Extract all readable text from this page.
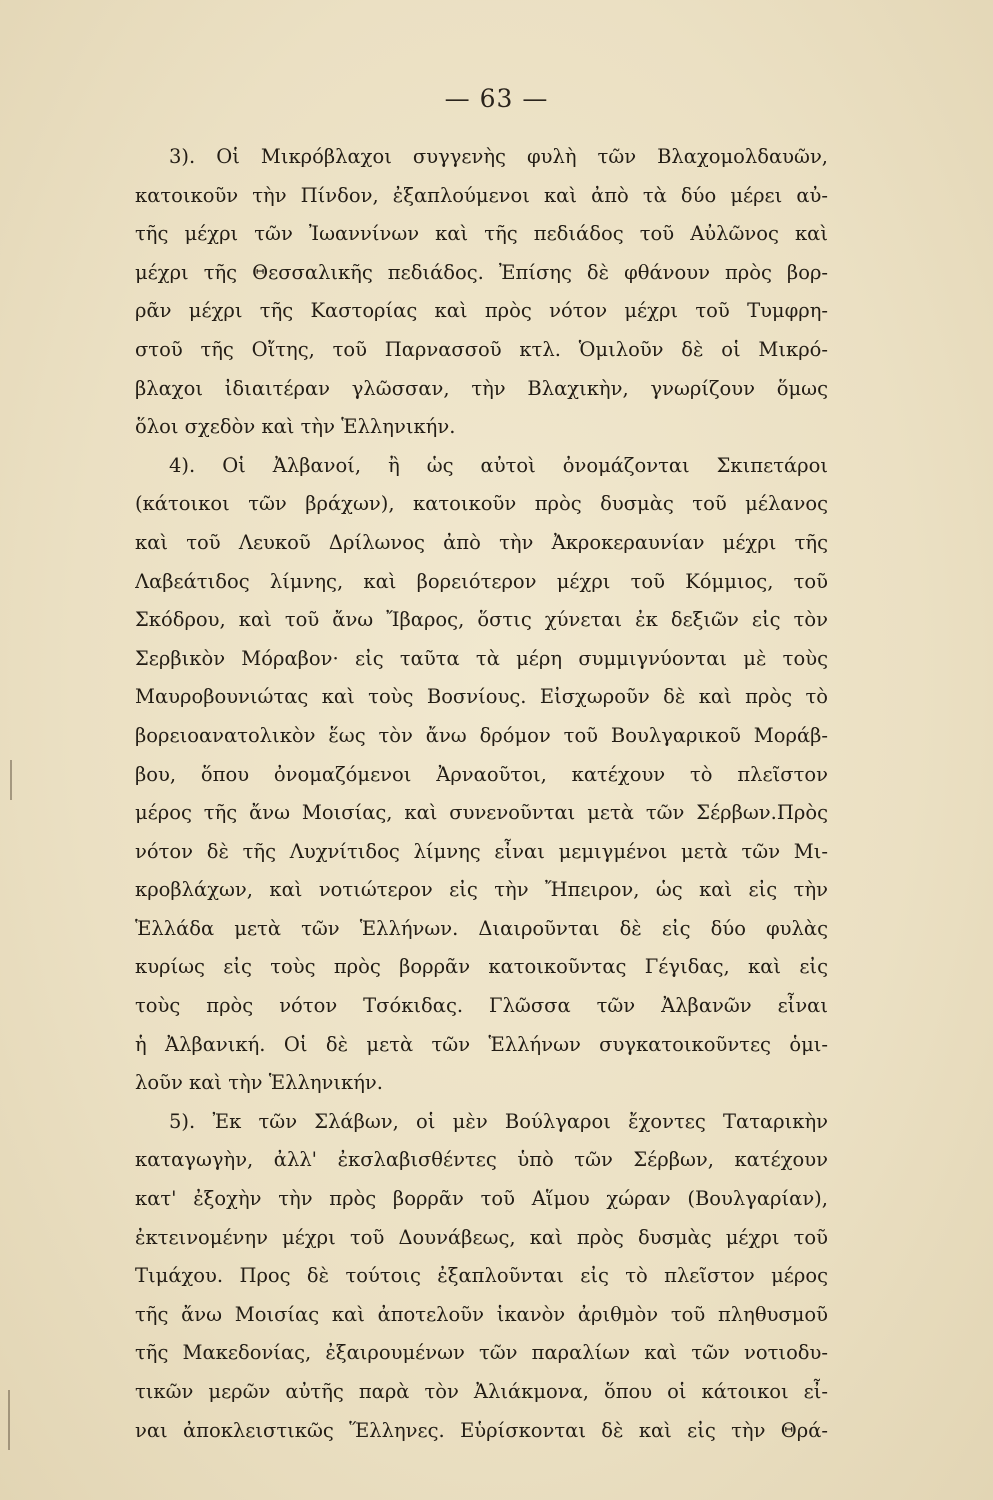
— 63 —
3). Οἱ Μικρόβλαχοι συγγενὴς φυλὴ τῶν Βλαχομολδαυῶν,
κατοικοῦν τὴν Πίνδον, ἐξαπλούμενοι καὶ ἀπὸ τὰ δύο μέρει αὐ-
τῆς μέχρι τῶν Ἰωαννίνων καὶ τῆς πεδιάδος τοῦ Αὐλῶνος καὶ
μέχρι τῆς Θεσσαλικῆς πεδιάδος. Ἐπίσης δὲ φθάνουν πρὸς βορ-
ρᾶν μέχρι τῆς Καστορίας καὶ πρὸς νότον μέχρι τοῦ Τυμφρη-
στοῦ τῆς Οἴτης, τοῦ Παρνασσοῦ κτλ. Ὁμιλοῦν δὲ οἱ Μικρό-
βλαχοι ἰδιαιτέραν γλῶσσαν, τὴν Βλαχικὴν, γνωρίζουν ὅμως
ὅλοι σχεδὸν καὶ τὴν Ἑλληνικήν.
4). Οἱ Ἀλβανοί, ἢ ὡς αὐτοὶ ὀνομάζονται Σκιπετάροι
(κάτοικοι τῶν βράχων), κατοικοῦν πρὸς δυσμὰς τοῦ μέλανος
καὶ τοῦ Λευκοῦ Δρίλωνος ἀπὸ τὴν Ἀκροκεραυνίαν μέχρι τῆς
Λαβεάτιδος λίμνης, καὶ βορειότερον μέχρι τοῦ Κόμμιος, τοῦ
Σκόδρου, καὶ τοῦ ἄνω Ἴβαρος, ὅστις χύνεται ἐκ δεξιῶν εἰς τὸν
Σερβικὸν Μόραβον· εἰς ταῦτα τὰ μέρη συμμιγνύονται μὲ τοὺς
Μαυροβουνιώτας καὶ τοὺς Βοσνίους. Εἰσχωροῦν δὲ καὶ πρὸς τὸ
βορειοανατολικὸν ἕως τὸν ἄνω δρόμον τοῦ Βουλγαρικοῦ Μοράβ-
βου, ὅπου ὀνομαζόμενοι Ἀρναοῦτοι, κατέχουν τὸ πλεῖστον
μέρος τῆς ἄνω Μοισίας, καὶ συνενοῦνται μετὰ τῶν Σέρβων.Πρὸς
νότον δὲ τῆς Λυχνίτιδος λίμνης εἶναι μεμιγμένοι μετὰ τῶν Μι-
κροβλάχων, καὶ νοτιώτερον εἰς τὴν Ἤπειρον, ὡς καὶ εἰς τὴν
Ἑλλάδα μετὰ τῶν Ἑλλήνων. Διαιροῦνται δὲ εἰς δύο φυλὰς
κυρίως εἰς τοὺς πρὸς βορρᾶν κατοικοῦντας Γέγιδας, καὶ εἰς
τοὺς πρὸς νότον Τσόκιδας. Γλῶσσα τῶν Ἀλβανῶν εἶναι
ἡ Ἀλβανική. Οἱ δὲ μετὰ τῶν Ἑλλήνων συγκατοικοῦντες ὁμι-
λοῦν καὶ τὴν Ἑλληνικήν.
5). Ἐκ τῶν Σλάβων, οἱ μὲν Βούλγαροι ἔχοντες Ταταρικὴν
καταγωγὴν, ἀλλ' ἐκσλαβισθέντες ὑπὸ τῶν Σέρβων, κατέχουν
κατ' ἐξοχὴν τὴν πρὸς βορρᾶν τοῦ Αἵμου χώραν (Βουλγαρίαν),
ἐκτεινομένην μέχρι τοῦ Δουνάβεως, καὶ πρὸς δυσμὰς μέχρι τοῦ
Τιμάχου. Προς δὲ τούτοις ἐξαπλοῦνται εἰς τὸ πλεῖστον μέρος
τῆς ἄνω Μοισίας καὶ ἀποτελοῦν ἱκανὸν ἀριθμὸν τοῦ πληθυσμοῦ
τῆς Μακεδονίας, ἐξαιρουμένων τῶν παραλίων καὶ τῶν νοτιοδυ-
τικῶν μερῶν αὐτῆς παρὰ τὸν Ἀλιάκμονα, ὅπου οἱ κάτοικοι εἶ-
ναι ἀποκλειστικῶς Ἕλληνες. Εὑρίσκονται δὲ καὶ εἰς τὴν Θρά-
